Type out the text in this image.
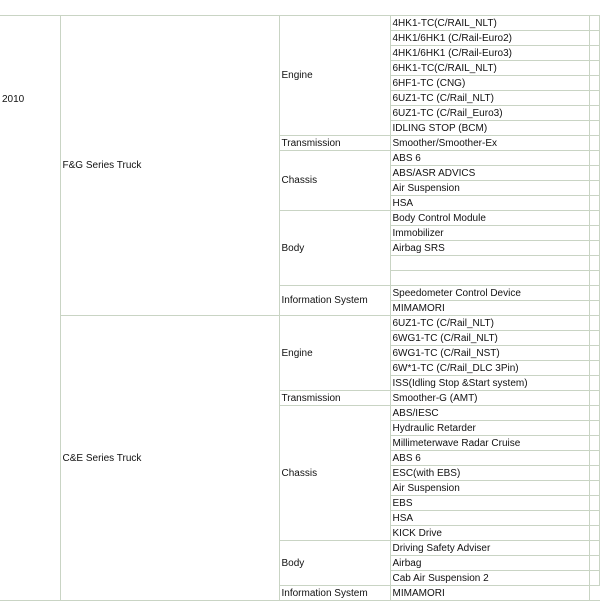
2010	F&G Series Truck	Engine	4HK1-TC(C/RAIL_NLT)	
			4HK1/6HK1 (C/Rail-Euro2)	
			4HK1/6HK1 (C/Rail-Euro3)	
			6HK1-TC(C/RAIL_NLT)	
			6HF1-TC (CNG)	
			6UZ1-TC (C/Rail_NLT)	
			6UZ1-TC (C/Rail_Euro3)	
			IDLING STOP (BCM)	
		Transmission	Smoother/Smoother-Ex	
		Chassis	ABS 6	
			ABS/ASR ADVICS	
			Air Suspension	
			HSA	
		Body	Body Control Module	
			Immobilizer	
			Airbag SRS	

		Information System	Speedometer Control Device	
			MIMAMORI	
	C&E Series Truck	Engine	6UZ1-TC (C/Rail_NLT)	
			6WG1-TC (C/Rail_NLT)	
			6WG1-TC (C/Rail_NST)	
			6W*1-TC (C/Rail_DLC 3Pin)	
			ISS(Idling Stop &Start system)	
		Transmission	Smoother-G (AMT)	
		Chassis	ABS/IESC	
			Hydraulic Retarder	
			Millimeterwave Radar Cruise	
			ABS 6	
			ESC(with EBS)	
			Air Suspension	
			EBS	
			HSA	
			KICK Drive	
		Body	Driving Safety Adviser	
			Airbag	
			Cab Air Suspension 2	
		Information System	MIMAMORI	
